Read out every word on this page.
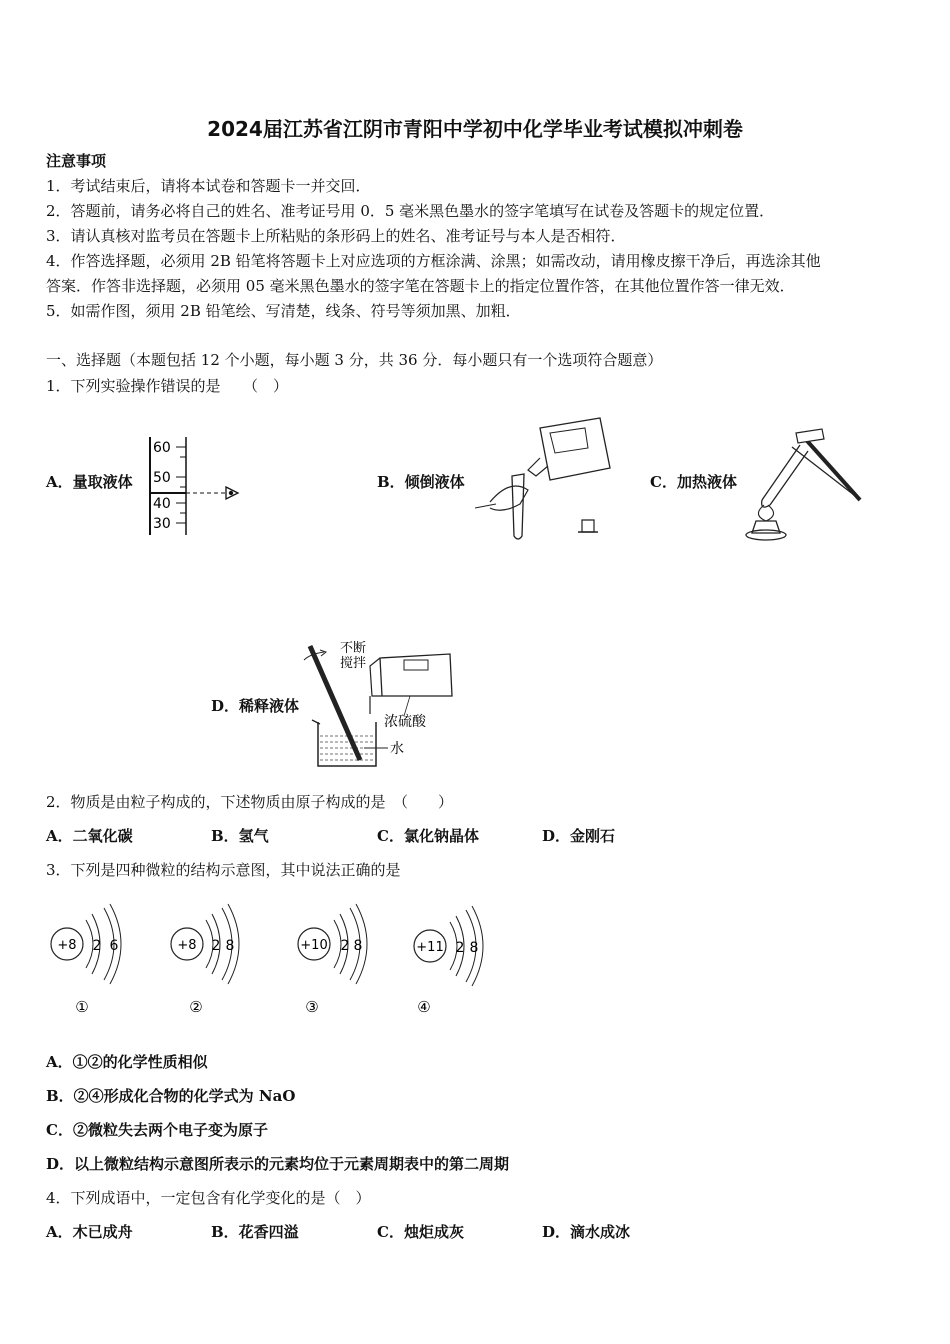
2024届江苏省江阴市青阳中学初中化学毕业考试模拟冲刺卷
注意事项
1．考试结束后，请将本试卷和答题卡一并交回．
2．答题前，请务必将自己的姓名、准考证号用 0．5 毫米黑色墨水的签字笔填写在试卷及答题卡的规定位置．
3．请认真核对监考员在答题卡上所粘贴的条形码上的姓名、准考证号与本人是否相符．
4．作答选择题，必须用 2B 铅笔将答题卡上对应选项的方框涂满、涂黑；如需改动，请用橡皮擦干净后，再选涂其他
答案．作答非选择题，必须用 05 毫米黑色墨水的签字笔在答题卡上的指定位置作答，在其他位置作答一律无效．
5．如需作图，须用 2B 铅笔绘、写清楚，线条、符号等须加黑、加粗．
一、选择题（本题包括 12 个小题，每小题 3 分，共 36 分．每小题只有一个选项符合题意）
1．下列实验操作错误的是　　（　）
A．量取液体
60
50
40
30
B．倾倒液体	C．加热液体
D．稀释液体
不断
搅拌
浓硫酸
水
2．物质是由粒子构成的，下述物质由原子构成的是　（　　）
A．二氧化碳	B．氢气	C．氯化钠晶体	D．金刚石
3．下列是四种微粒的结构示意图，其中说法正确的是
+8 2 6
①
+8 2 8
②
+10 2 8
③
+11 2 8
④
A．①②的化学性质相似
B．②④形成化合物的化学式为 NaO
C．②微粒失去两个电子变为原子
D．以上微粒结构示意图所表示的元素均位于元素周期表中的第二周期
4．下列成语中，一定包含有化学变化的是（　）
A．木已成舟	B．花香四溢	C．烛炬成灰	D．滴水成冰
